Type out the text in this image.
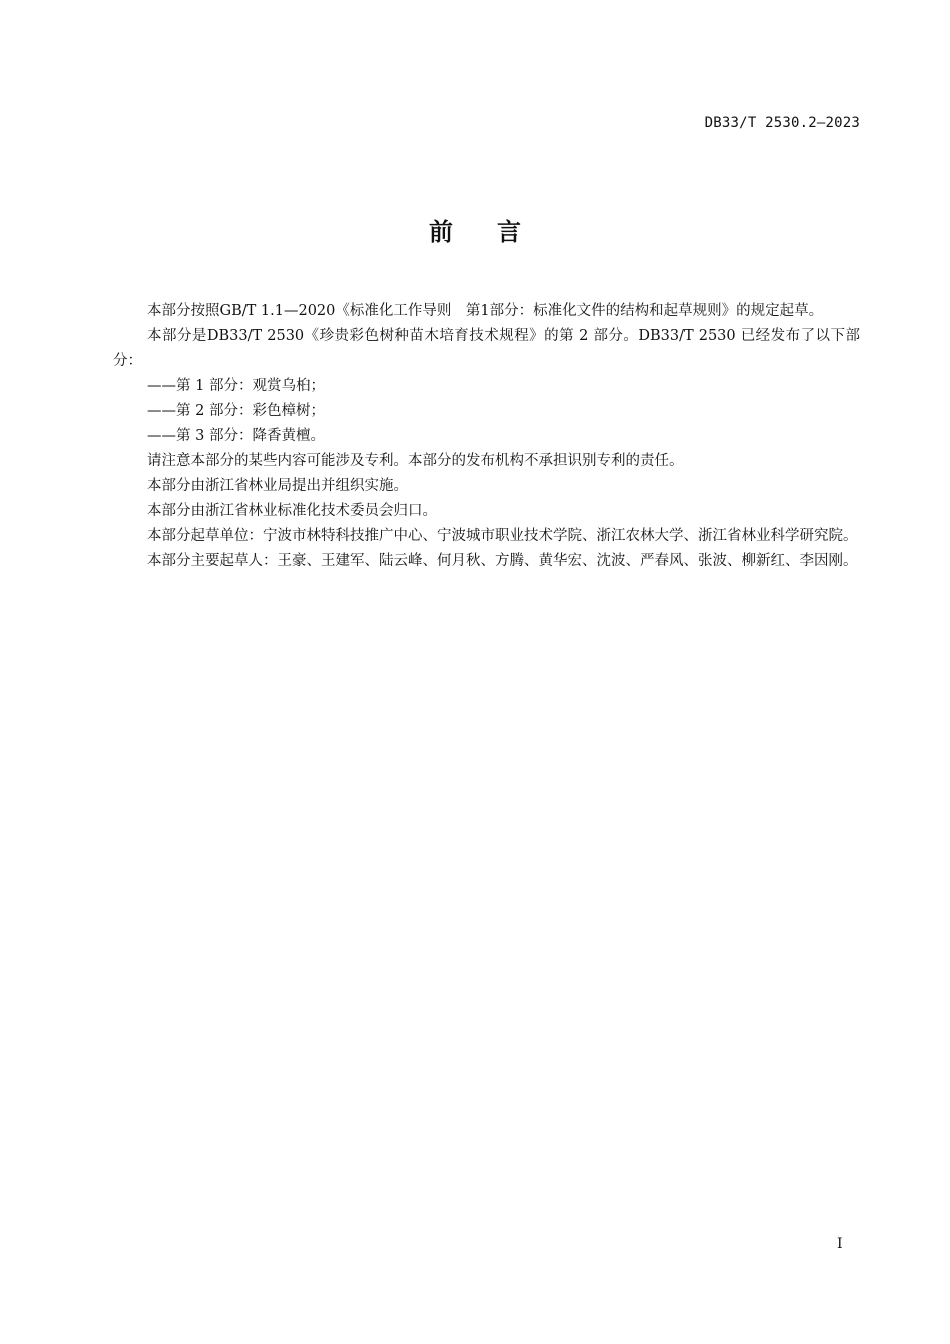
DB33/T 2530.2—2023
前言

本部分按照GB/T 1.1—2020《标准化工作导则　第1部分：标准化文件的结构和起草规则》的规定起草。

本部分是DB33/T 2530《珍贵彩色树种苗木培育技术规程》的第 2 部分。DB33/T 2530 已经发布了以下部分：

——第 1 部分：观赏乌桕；

——第 2 部分：彩色樟树；

——第 3 部分：降香黄檀。

请注意本部分的某些内容可能涉及专利。本部分的发布机构不承担识别专利的责任。

本部分由浙江省林业局提出并组织实施。

本部分由浙江省林业标准化技术委员会归口。

本部分起草单位：宁波市林特科技推广中心、宁波城市职业技术学院、浙江农林大学、浙江省林业科学研究院。

本部分主要起草人：王豪、王建军、陆云峰、何月秋、方腾、黄华宏、沈波、严春风、张波、柳新红、李因刚。

I
